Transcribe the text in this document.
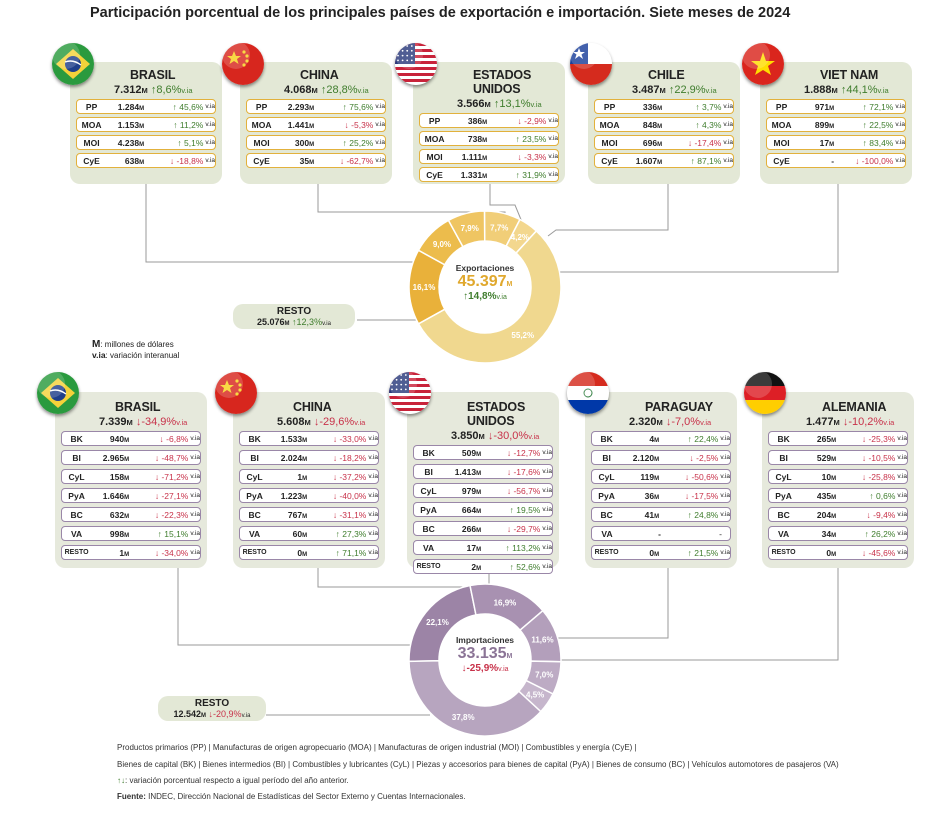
Participación porcentual de los principales países de exportación e importación. Siete meses de 2024
BRASIL
7.312M ↑8,6%v.ia
PP	1.284M	↑ 45,6% v.ia
MOA	1.153M	↑ 11,2% v.ia
MOI	4.238M	↑ 5,1% v.ia
CyE	638M	↓ -18,8% v.ia
CHINA
4.068M ↑28,8%v.ia
PP	2.293M	↑ 75,6% v.ia
MOA	1.441M	↓ -5,3% v.ia
MOI	300M	↑ 25,2% v.ia
CyE	35M	↓ -62,7% v.ia
ESTADOS UNIDOS
3.566M ↑13,1%v.ia
PP	386M	↓ -2,9% v.ia
MOA	738M	↑ 23,5% v.ia
MOI	1.111M	↓ -3,3% v.ia
CyE	1.331M	↑ 31,9% v.ia
CHILE
3.487M ↑22,9%v.ia
PP	336M	↑ 3,7% v.ia
MOA	848M	↑ 4,3% v.ia
MOI	696M	↓ -17,4% v.ia
CyE	1.607M	↑ 87,1% v.ia
VIET NAM
1.888M ↑44,1%v.ia
PP	971M	↑ 72,1% v.ia
MOA	899M	↑ 22,5% v.ia
MOI	17M	↑ 83,4% v.ia
CyE	-	↓ -100,0% v.ia
BRASIL
7.339M ↓-34,9%v.ia
BK	940M	↓ -6,8% v.ia
BI	2.965M	↓ -48,7% v.ia
CyL	158M	↓ -71,2% v.ia
PyA	1.646M	↓ -27,1% v.ia
BC	632M	↓ -22,3% v.ia
VA	998M	↑ 15,1% v.ia
RESTO	1M	↓ -34,0% v.ia
CHINA
5.608M ↓-29,6%v.ia
BK	1.533M	↓ -33,0% v.ia
BI	2.024M	↓ -18,2% v.ia
CyL	1M	↓ -37,2% v.ia
PyA	1.223M	↓ -40,0% v.ia
BC	767M	↓ -31,1% v.ia
VA	60M	↑ 27,3% v.ia
RESTO	0M	↑ 71,1% v.ia
ESTADOS UNIDOS
3.850M ↓-30,0%v.ia
BK	509M	↓ -12,7% v.ia
BI	1.413M	↓ -17,6% v.ia
CyL	979M	↓ -56,7% v.ia
PyA	664M	↑ 19,5% v.ia
BC	266M	↓ -29,7% v.ia
VA	17M	↑ 113,2% v.ia
RESTO	2M	↑ 52,6% v.ia
PARAGUAY
2.320M ↓-7,0%v.ia
BK	4M	↑ 22,4% v.ia
BI	2.120M	↓ -2,5% v.ia
CyL	119M	↓ -50,6% v.ia
PyA	36M	↓ -17,5% v.ia
BC	41M	↑ 24,8% v.ia
VA	-	-
RESTO	0M	↑ 21,5% v.ia
ALEMANIA
1.477M ↓-10,2%v.ia
BK	265M	↓ -25,3% v.ia
BI	529M	↓ -10,5% v.ia
CyL	10M	↓ -25,8% v.ia
PyA	435M	↑ 0,6% v.ia
BC	204M	↓ -9,4% v.ia
VA	34M	↑ 26,2% v.ia
RESTO	0M	↓ -45,6% v.ia
RESTO
25.076M ↑12,3%v.ia
RESTO
12.542M ↓-20,9%v.ia
M: millones de dólares
v.ia: variación interanual
16,1%
9,0%
7,9% 7,7%
4,2%
55,2%
Exportaciones
45.397M
↑14,8%v.ia
22,1%
16,9%
11,6%
7,0%
4,5%
37,8%
Importaciones
33.135M
↓-25,9%v.ia
Productos primarios (PP) | Manufacturas de origen agropecuario (MOA) | Manufacturas de origen industrial (MOI) | Combustibles y energía (CyE) |
Bienes de capital (BK) | Bienes intermedios (BI) | Combustibles y lubricantes (CyL) | Piezas y accesorios para bienes de capital (PyA) | Bienes de consumo (BC) | Vehículos automotores de pasajeros (VA)
↑↓: variación porcentual respecto a igual período del año anterior.
Fuente: INDEC, Dirección Nacional de Estadísticas del Sector Externo y Cuentas Internacionales.
